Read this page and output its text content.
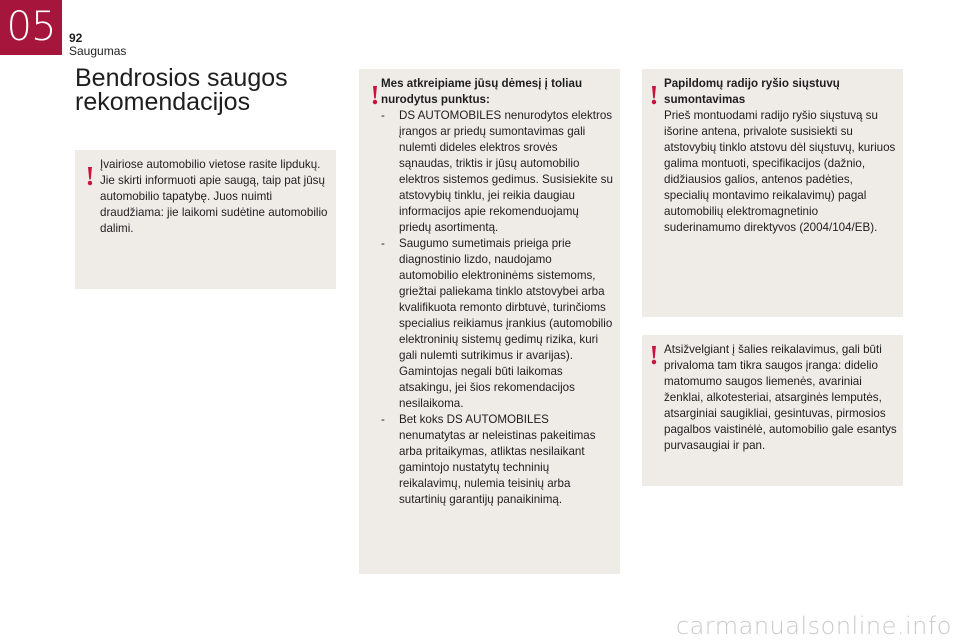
05	92
Saugumas
Bendrosios saugos rekomendacijos
! Įvairiose automobilio vietose rasite lipdukų. Jie skirti informuoti apie saugą, taip pat jūsų automobilio tapatybę. Juos nuimti draudžiama: jie laikomi sudėtine automobilio dalimi.

! Mes atkreipiame jūsų dėmesį į toliau nurodytus punktus:

- DS AUTOMOBILES nenurodytos elektros įrangos ar priedų sumontavimas gali nulemti dideles elektros srovės sąnaudas, triktis ir jūsų automobilio elektros sistemos gedimus. Susisiekite su atstovybių tinklu, jei reikia daugiau informacijos apie rekomenduojamų priedų asortimentą.
- Saugumo sumetimais prieiga prie diagnostinio lizdo, naudojamo automobilio elektroninėms sistemoms, griežtai paliekama tinklo atstovybei arba kvalifikuota remonto dirbtuvė, turinčioms specialius reikiamus įrankius (automobilio elektroninių sistemų gedimų rizika, kuri gali nulemti sutrikimus ir avarijas). Gamintojas negali būti laikomas atsakingu, jei šios rekomendacijos nesilaikoma.
- Bet koks DS AUTOMOBILES nenumatytas ar neleistinas pakeitimas arba pritaikymas, atliktas nesilaikant gamintojo nustatytų techninių reikalavimų, nulemia teisinių arba sutartinių garantijų panaikinimą.
! Papildomų radijo ryšio siųstuvų sumontavimas

Prieš montuodami radijo ryšio siųstuvą su išorine antena, privalote susisiekti su atstovybių tinklo atstovu dėl siųstuvų, kuriuos galima montuoti, specifikacijos (dažnio, didžiausios galios, antenos padėties, specialių montavimo reikalavimų) pagal automobilių elektromagnetinio suderinamumo direktyvos (2004/104/EB).

! Atsižvelgiant į šalies reikalavimus, gali būti privaloma tam tikra saugos įranga: didelio matomumo saugos liemenės, avariniai ženklai, alkotesteriai, atsarginės lemputės, atsarginiai saugikliai, gesintuvas, pirmosios pagalbos vaistinėlė, automobilio gale esantys purvasaugiai ir pan.

carmanualsonline.info
